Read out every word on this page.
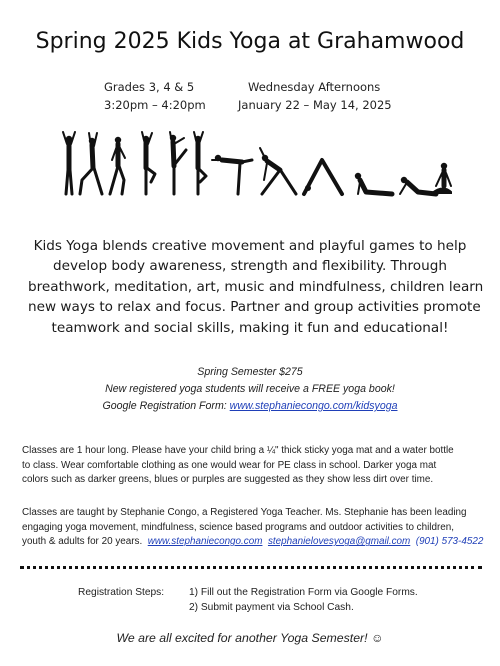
Spring 2025 Kids Yoga at Grahamwood
Grades 3, 4 & 5
3:20pm – 4:20pm
Wednesday Afternoons
January 22 – May 14, 2025
Kids Yoga blends creative movement and playful games to help
develop body awareness, strength and flexibility. Through
breathwork, meditation, art, music and mindfulness, children learn
new ways to relax and focus. Partner and group activities promote
teamwork and social skills, making it fun and educational!
Spring Semester $275
New registered yoga students will receive a FREE yoga book!
Google Registration Form: www.stephaniecongo.com/kidsyoga
Classes are 1 hour long. Please have your child bring a ¼" thick sticky yoga mat and a water bottle
to class. Wear comfortable clothing as one would wear for PE class in school. Darker yoga mat
colors such as darker greens, blues or purples are suggested as they show less dirt over time.
Classes are taught by Stephanie Congo, a Registered Yoga Teacher. Ms. Stephanie has been leading
engaging yoga movement, mindfulness, science based programs and outdoor activities to children,
youth & adults for 20 years. www.stephaniecongo.com stephanielovesyoga@gmail.com (901) 573-4522
Registration Steps: 1) Fill out the Registration Form via Google Forms.
2) Submit payment via School Cash.
We are all excited for another Yoga Semester! ☺
